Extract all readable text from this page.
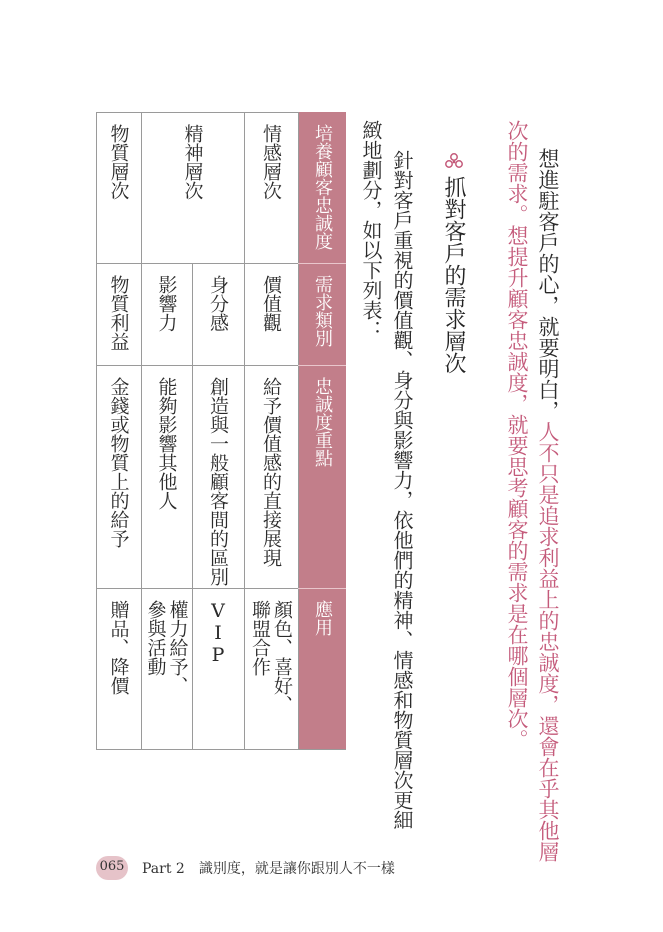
想進駐客戶的心，就要明白，人不只是追求利益上的忠誠度，還會在乎其他層
次的需求。想提升顧客忠誠度，就要思考顧客的需求是在哪個層次。
抓對客戶的需求層次
針對客戶重視的價值觀、身分與影響力，依他們的精神、情感和物質層次更細
緻地劃分，如以下列表：
培養顧客忠誠度
需求類別
忠誠度重點
應用
情感層次
精神層次
物質層次
價值觀
身分感
影響力
物質利益
給予價值感的直接展現
創造與一般顧客間的區別
能夠影響其他人
金錢或物質上的給予
顏色、喜好、聯盟合作
VIP
權力給予、參與活動
贈品、降價
065 Part 2　識別度，就是讓你跟別人不一樣
